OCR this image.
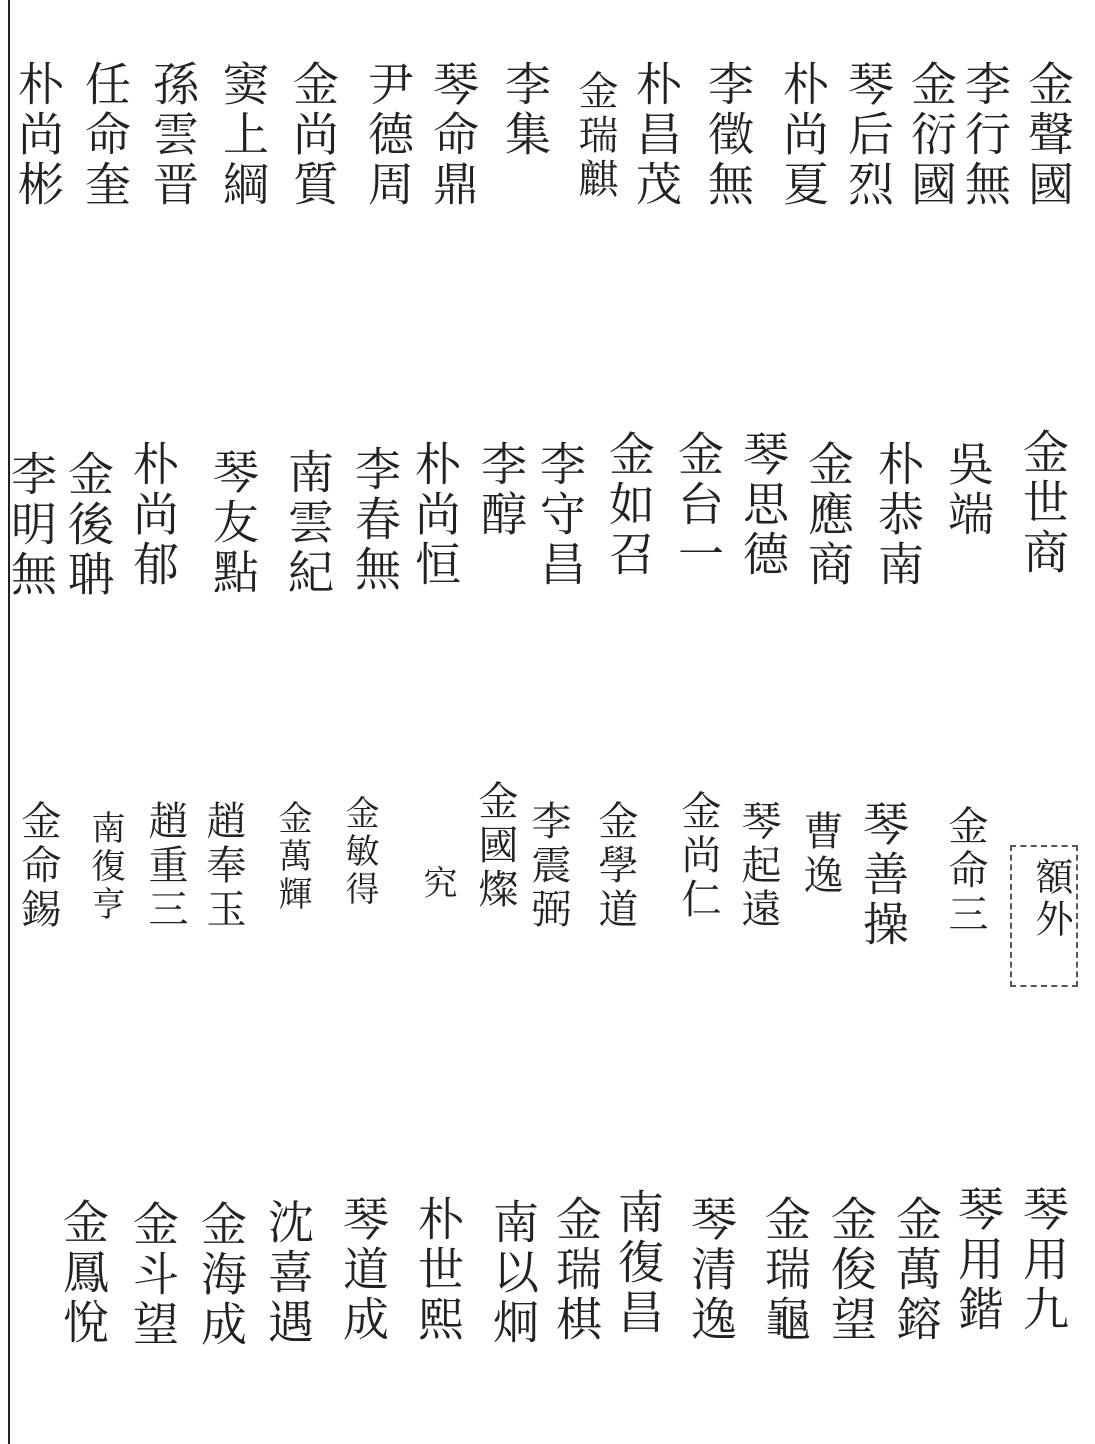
金聲國
李行無
金衍國
琴后烈
朴尚夏
李徵無
朴昌茂
金瑞麒
李集
琴命鼎
尹德周
金尚質
窦上綱
孫雲晋
任命奎
朴尚彬
金世商
吳端
朴恭南
金應商
琴思德
金台一
金如召
李守昌
李醇
朴尚恒
李春無
南雲紀
琴友點
朴尚郁
金後聃
李明無
額外
金命三
琴善操
曹逸
琴起遠
金尚仁
金學道
李震弼
金國燦
究
金敏得
金萬輝
趙奉玉
趙重三
南復亨
金命錫
琴用九
琴用鍇
金萬鎔
金俊望
金瑞龜
琴清逸
南復昌
金瑞棋
南以炯
朴世熙
琴道成
沈喜遇
金海成
金斗望
金鳳悅
